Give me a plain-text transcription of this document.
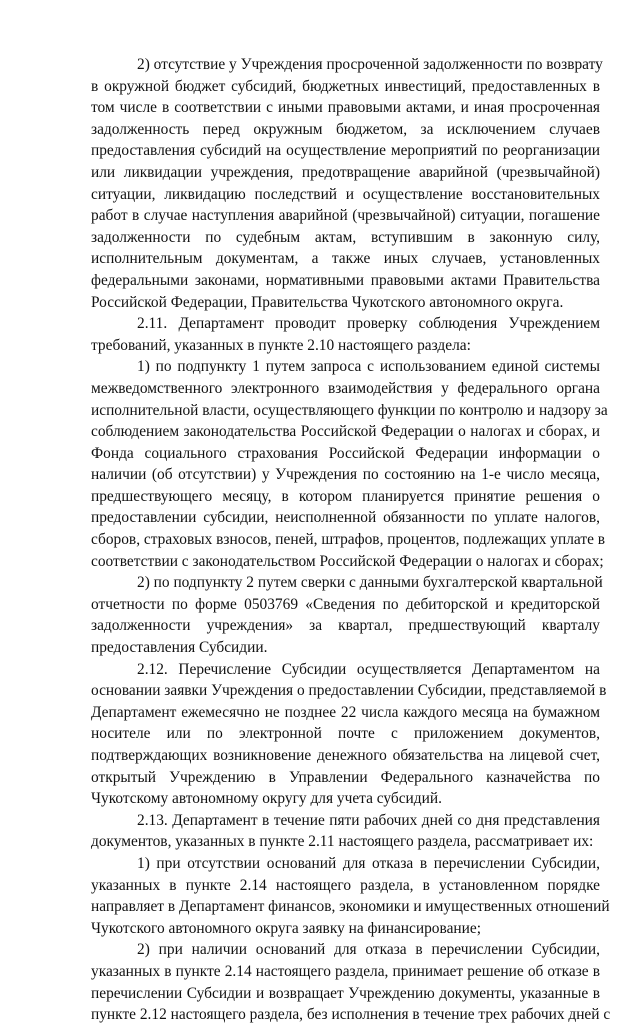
2) отсутствие у Учреждения просроченной задолженности по возврату
в окружной бюджет субсидий, бюджетных инвестиций, предоставленных в
том числе в соответствии с иными правовыми актами, и иная просроченная
задолженность перед окружным бюджетом, за исключением случаев
предоставления субсидий на осуществление мероприятий по реорганизации
или ликвидации учреждения, предотвращение аварийной (чрезвычайной)
ситуации, ликвидацию последствий и осуществление восстановительных
работ в случае наступления аварийной (чрезвычайной) ситуации, погашение
задолженности по судебным актам, вступившим в законную силу,
исполнительным документам, а также иных случаев, установленных
федеральными законами, нормативными правовыми актами Правительства
Российской Федерации, Правительства Чукотского автономного округа.
2.11. Департамент проводит проверку соблюдения Учреждением
требований, указанных в пункте 2.10 настоящего раздела:
1) по подпункту 1 путем запроса с использованием единой системы
межведомственного электронного взаимодействия у федерального органа
исполнительной власти, осуществляющего функции по контролю и надзору за
соблюдением законодательства Российской Федерации о налогах и сборах, и
Фонда социального страхования Российской Федерации информации о
наличии (об отсутствии) у Учреждения по состоянию на 1-е число месяца,
предшествующего месяцу, в котором планируется принятие решения о
предоставлении субсидии, неисполненной обязанности по уплате налогов,
сборов, страховых взносов, пеней, штрафов, процентов, подлежащих уплате в
соответствии с законодательством Российской Федерации о налогах и сборах;
2) по подпункту 2 путем сверки с данными бухгалтерской квартальной
отчетности по форме 0503769 «Сведения по дебиторской и кредиторской
задолженности учреждения» за квартал, предшествующий кварталу
предоставления Субсидии.
2.12. Перечисление Субсидии осуществляется Департаментом на
основании заявки Учреждения о предоставлении Субсидии, представляемой в
Департамент ежемесячно не позднее 22 числа каждого месяца на бумажном
носителе или по электронной почте с приложением документов,
подтверждающих возникновение денежного обязательства на лицевой счет,
открытый Учреждению в Управлении Федерального казначейства по
Чукотскому автономному округу для учета субсидий.
2.13. Департамент в течение пяти рабочих дней со дня представления
документов, указанных в пункте 2.11 настоящего раздела, рассматривает их:
1) при отсутствии оснований для отказа в перечислении Субсидии,
указанных в пункте 2.14 настоящего раздела, в установленном порядке
направляет в Департамент финансов, экономики и имущественных отношений
Чукотского автономного округа заявку на финансирование;
2) при наличии оснований для отказа в перечислении Субсидии,
указанных в пункте 2.14 настоящего раздела, принимает решение об отказе в
перечислении Субсидии и возвращает Учреждению документы, указанные в
пункте 2.12 настоящего раздела, без исполнения в течение трех рабочих дней с
